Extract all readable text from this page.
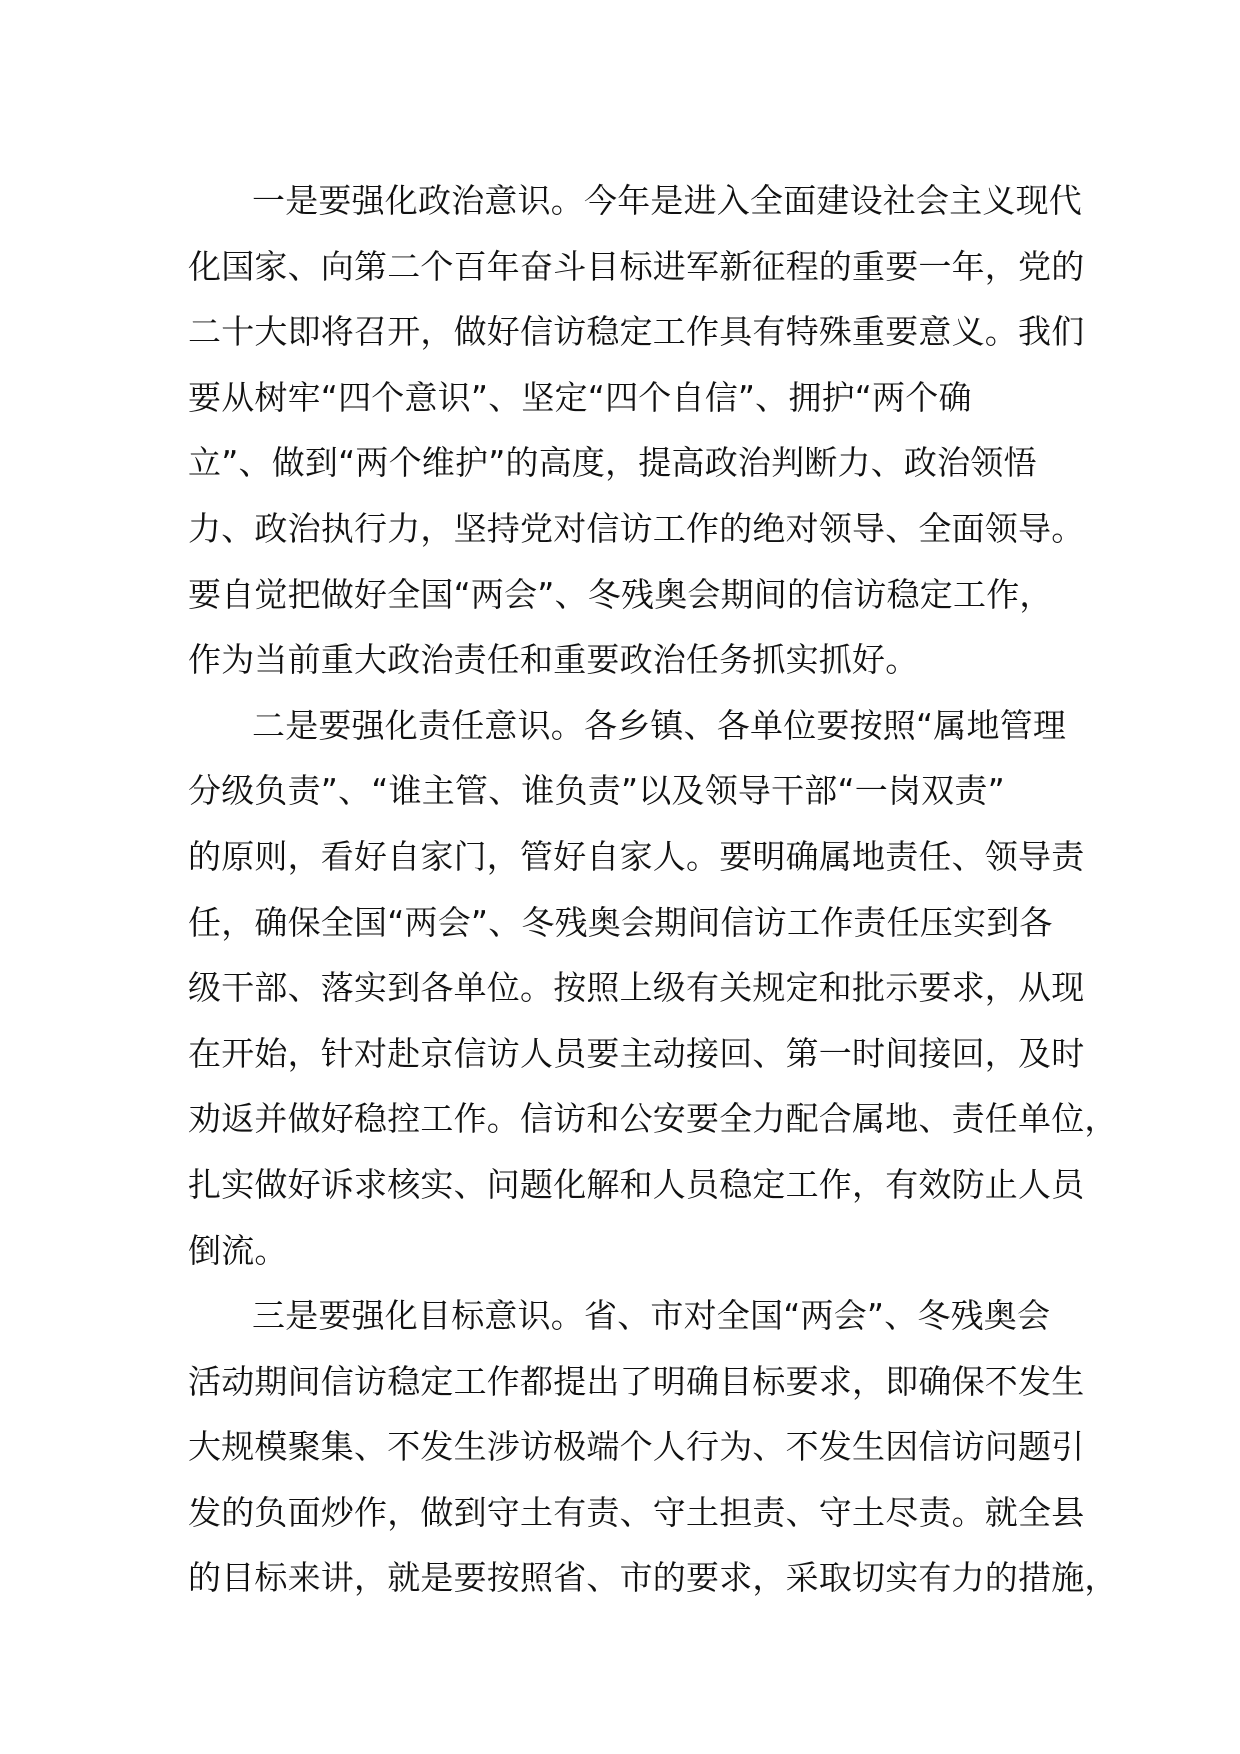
一是要强化政治意识。今年是进入全面建设社会主义现代
化国家、向第二个百年奋斗目标进军新征程的重要一年，党的
二十大即将召开，做好信访稳定工作具有特殊重要意义。我们
要从树牢“四个意识”、坚定“四个自信”、拥护“两个确
立”、做到“两个维护”的高度，提高政治判断力、政治领悟
力、政治执行力，坚持党对信访工作的绝对领导、全面领导。
要自觉把做好全国“两会”、冬残奥会期间的信访稳定工作，
作为当前重大政治责任和重要政治任务抓实抓好。
二是要强化责任意识。各乡镇、各单位要按照“属地管理
分级负责”、“谁主管、谁负责”以及领导干部“一岗双责”
的原则，看好自家门，管好自家人。要明确属地责任、领导责
任，确保全国“两会”、冬残奥会期间信访工作责任压实到各
级干部、落实到各单位。按照上级有关规定和批示要求，从现
在开始，针对赴京信访人员要主动接回、第一时间接回，及时
劝返并做好稳控工作。信访和公安要全力配合属地、责任单位，
扎实做好诉求核实、问题化解和人员稳定工作，有效防止人员
倒流。
三是要强化目标意识。省、市对全国“两会”、冬残奥会
活动期间信访稳定工作都提出了明确目标要求，即确保不发生
大规模聚集、不发生涉访极端个人行为、不发生因信访问题引
发的负面炒作，做到守土有责、守土担责、守土尽责。就全县
的目标来讲，就是要按照省、市的要求，采取切实有力的措施，
